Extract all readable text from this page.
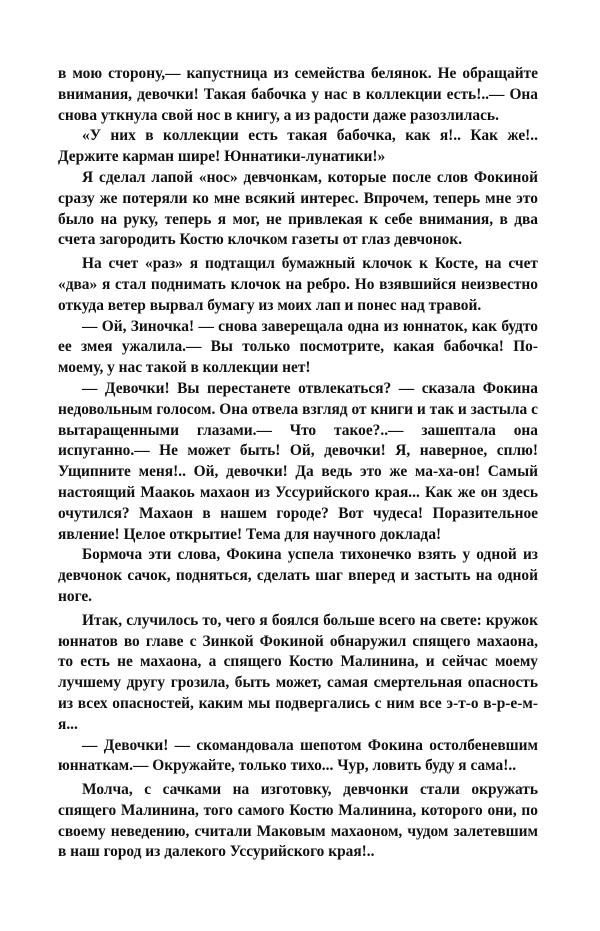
в мою сторону,— капустница из семейства белянок. Не обращайте внимания, девочки! Такая бабочка у нас в коллекции есть!..— Она снова уткнула свой нос в книгу, а из радости даже разозлилась.

«У них в коллекции есть такая бабочка, как я!.. Как же!.. Держите карман шире! Юннатики-лунатики!»

Я сделал лапой «нос» девчонкам, которые после слов Фокиной сразу же потеряли ко мне всякий интерес. Впрочем, теперь мне это было на руку, теперь я мог, не привлекая к себе внимания, в два счета загородить Костю клочком газеты от глаз девчонок.

На счет «раз» я подтащил бумажный клочок к Косте, на счет «два» я стал поднимать клочок на ребро. Но взявшийся неизвестно откуда ветер вырвал бумагу из моих лап и понес над травой.

— Ой, Зиночка! — снова заверещала одна из юннаток, как будто ее змея ужалила.— Вы только посмотрите, какая бабочка! По-моему, у нас такой в коллекции нет!

— Девочки! Вы перестанете отвлекаться? — сказала Фокина недовольным голосом. Она отвела взгляд от книги и так и застыла с вытаращенными глазами.— Что такое?..— зашептала она испуганно.— Не может быть! Ой, девочки! Я, наверное, сплю! Ущипните меня!.. Ой, девочки! Да ведь это же ма-ха-он! Самый настоящий Маакоь махаон из Уссурийского края... Как же он здесь очутился? Махаон в нашем городе? Вот чудеса! Поразительное явление! Целое открытие! Тема для научного доклада!

Бормоча эти слова, Фокина успела тихонечко взять у одной из девчонок сачок, подняться, сделать шаг вперед и застыть на одной ноге.

Итак, случилось то, чего я боялся больше всего на свете: кружок юннатов во главе с Зинкой Фокиной обнаружил спящего махаона, то есть не махаона, а спящего Костю Малинина, и сейчас моему лучшему другу грозила, быть может, самая смертельная опасность из всех опасностей, каким мы подвергались с ним все э-т-о в-р-е-м-я...

— Девочки! — скомандовала шепотом Фокина остолбеневшим юннаткам.— Окружайте, только тихо... Чур, ловить буду я сама!..

Молча, с сачками на изготовку, девчонки стали окружать спящего Малинина, того самого Костю Малинина, которого они, по своему неведению, считали Маковым махаоном, чудом залетевшим в наш город из далекого Уссурийского края!..
